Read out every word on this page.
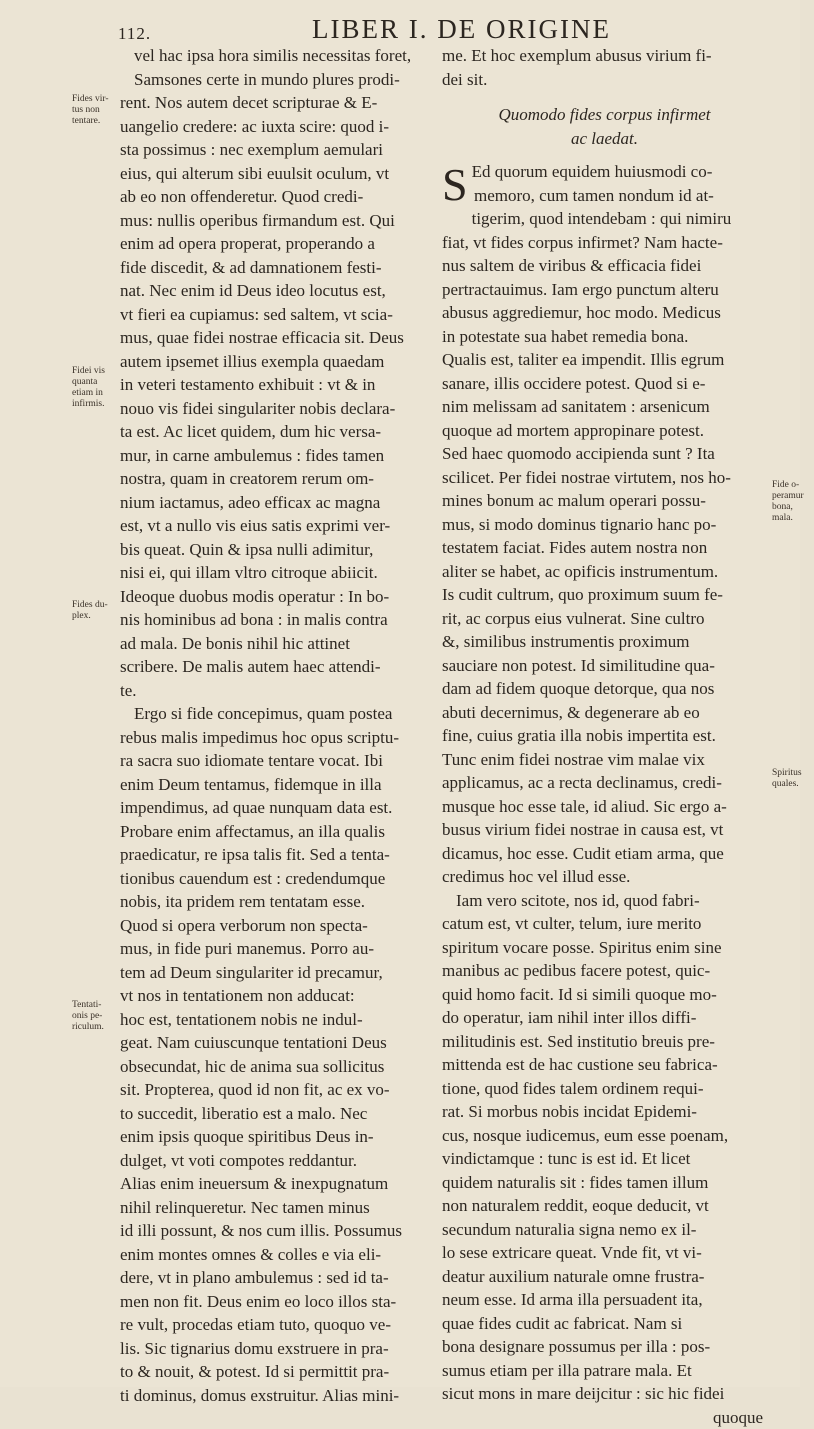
112.	LIBER I. DE ORIGINE
Fides vir-tus non tentare.
Fidei vis quanta etiam in infirmis.
Fides du-plex.
Tentati-onis pe-riculum.
Fide o-peramur bona, mala.
Spiritus quales.
vel hac ipsa hora similis necessitas foret,
Samsones certe in mundo plures prodi-
rent. Nos autem decet scripturae & E-
uangelio credere: ac iuxta scire: quod i-
sta possimus : nec exemplum aemulari
eius, qui alterum sibi euulsit oculum, vt
ab eo non offenderetur. Quod credi-
mus: nullis operibus firmandum est. Qui
enim ad opera properat, properando a
fide discedit, & ad damnationem festi-
nat. Nec enim id Deus ideo locutus est,
vt fieri ea cupiamus: sed saltem, vt scia-
mus, quae fidei nostrae efficacia sit. Deus
autem ipsemet illius exempla quaedam
in veteri testamento exhibuit : vt & in
nouo vis fidei singulariter nobis declara-
ta est. Ac licet quidem, dum hic versa-
mur, in carne ambulemus : fides tamen
nostra, quam in creatorem rerum om-
nium iactamus, adeo efficax ac magna
est, vt a nullo vis eius satis exprimi ver-
bis queat. Quin & ipsa nulli adimitur,
nisi ei, qui illam vltro citroque abiicit.
Ideoque duobus modis operatur : In bo-
nis hominibus ad bona : in malis contra
ad mala. De bonis nihil hic attinet
scribere. De malis autem haec attendi-
te.
Ergo si fide concepimus, quam postea
rebus malis impedimus hoc opus scriptu-
ra sacra suo idiomate tentare vocat. Ibi
enim Deum tentamus, fidemque in illa
impendimus, ad quae nunquam data est.
Probare enim affectamus, an illa qualis
praedicatur, re ipsa talis fit. Sed a tenta-
tionibus cauendum est : credendumque
nobis, ita pridem rem tentatam esse.
Quod si opera verborum non specta-
mus, in fide puri manemus. Porro au-
tem ad Deum singulariter id precamur,
vt nos in tentationem non adducat:
hoc est, tentationem nobis ne indul-
geat. Nam cuiuscunque tentationi Deus
obsecundat, hic de anima sua sollicitus
sit. Propterea, quod id non fit, ac ex vo-
to succedit, liberatio est a malo. Nec
enim ipsis quoque spiritibus Deus in-
dulget, vt voti compotes reddantur.
Alias enim ineuersum & inexpugnatum
nihil relinqueretur. Nec tamen minus
id illi possunt, & nos cum illis. Possumus
enim montes omnes & colles e via eli-
dere, vt in plano ambulemus : sed id ta-
men non fit. Deus enim eo loco illos sta-
re vult, procedas etiam tuto, quoquo ve-
lis. Sic tignarius domu exstruere in pra-
to & nouit, & potest. Id si permittit pra-
ti dominus, domus exstruitur. Alias mini-
me. Et hoc exemplum abusus virium fi-
dei sit.
Quomodo fides corpus infirmet
ac laedat.
S Ed quorum equidem huiusmodi co-
memoro, cum tamen nondum id at-
tigerim, quod intendebam : qui nimiru
fiat, vt fides corpus infirmet? Nam hacte-
nus saltem de viribus & efficacia fidei
pertractauimus. Iam ergo punctum alteru
abusus aggrediemur, hoc modo. Medicus
in potestate sua habet remedia bona.
Qualis est, taliter ea impendit. Illis egrum
sanare, illis occidere potest. Quod si e-
nim melissam ad sanitatem : arsenicum
quoque ad mortem appropinare potest.
Sed haec quomodo accipienda sunt ? Ita
scilicet. Per fidei nostrae virtutem, nos ho-
mines bonum ac malum operari possu-
mus, si modo dominus tignario hanc po-
testatem faciat. Fides autem nostra non
aliter se habet, ac opificis instrumentum.
Is cudit cultrum, quo proximum suum fe-
rit, ac corpus eius vulnerat. Sine cultro
&, similibus instrumentis proximum
sauciare non potest. Id similitudine qua-
dam ad fidem quoque detorque, qua nos
abuti decernimus, & degenerare ab eo
fine, cuius gratia illa nobis impertita est.
Tunc enim fidei nostrae vim malae vix
applicamus, ac a recta declinamus, credi-
musque hoc esse tale, id aliud. Sic ergo a-
busus virium fidei nostrae in causa est, vt
dicamus, hoc esse. Cudit etiam arma, que
credimus hoc vel illud esse.
Iam vero scitote, nos id, quod fabri-
catum est, vt culter, telum, iure merito
spiritum vocare posse. Spiritus enim sine
manibus ac pedibus facere potest, quic-
quid homo facit. Id si simili quoque mo-
do operatur, iam nihil inter illos diffi-
militudinis est. Sed institutio breuis pre-
mittenda est de hac custione seu fabrica-
tione, quod fides talem ordinem requi-
rat. Si morbus nobis incidat Epidemi-
cus, nosque iudicemus, eum esse poenam,
vindictamque : tunc is est id. Et licet
quidem naturalis sit : fides tamen illum
non naturalem reddit, eoque deducit, vt
secundum naturalia signa nemo ex il-
lo sese extricare queat. Vnde fit, vt vi-
deatur auxilium naturale omne frustra-
neum esse. Id arma illa persuadent ita,
quae fides cudit ac fabricat. Nam si
bona designare possumus per illa : pos-
sumus etiam per illa patrare mala. Et
sicut mons in mare deijcitur : sic hic fidei
quoque
